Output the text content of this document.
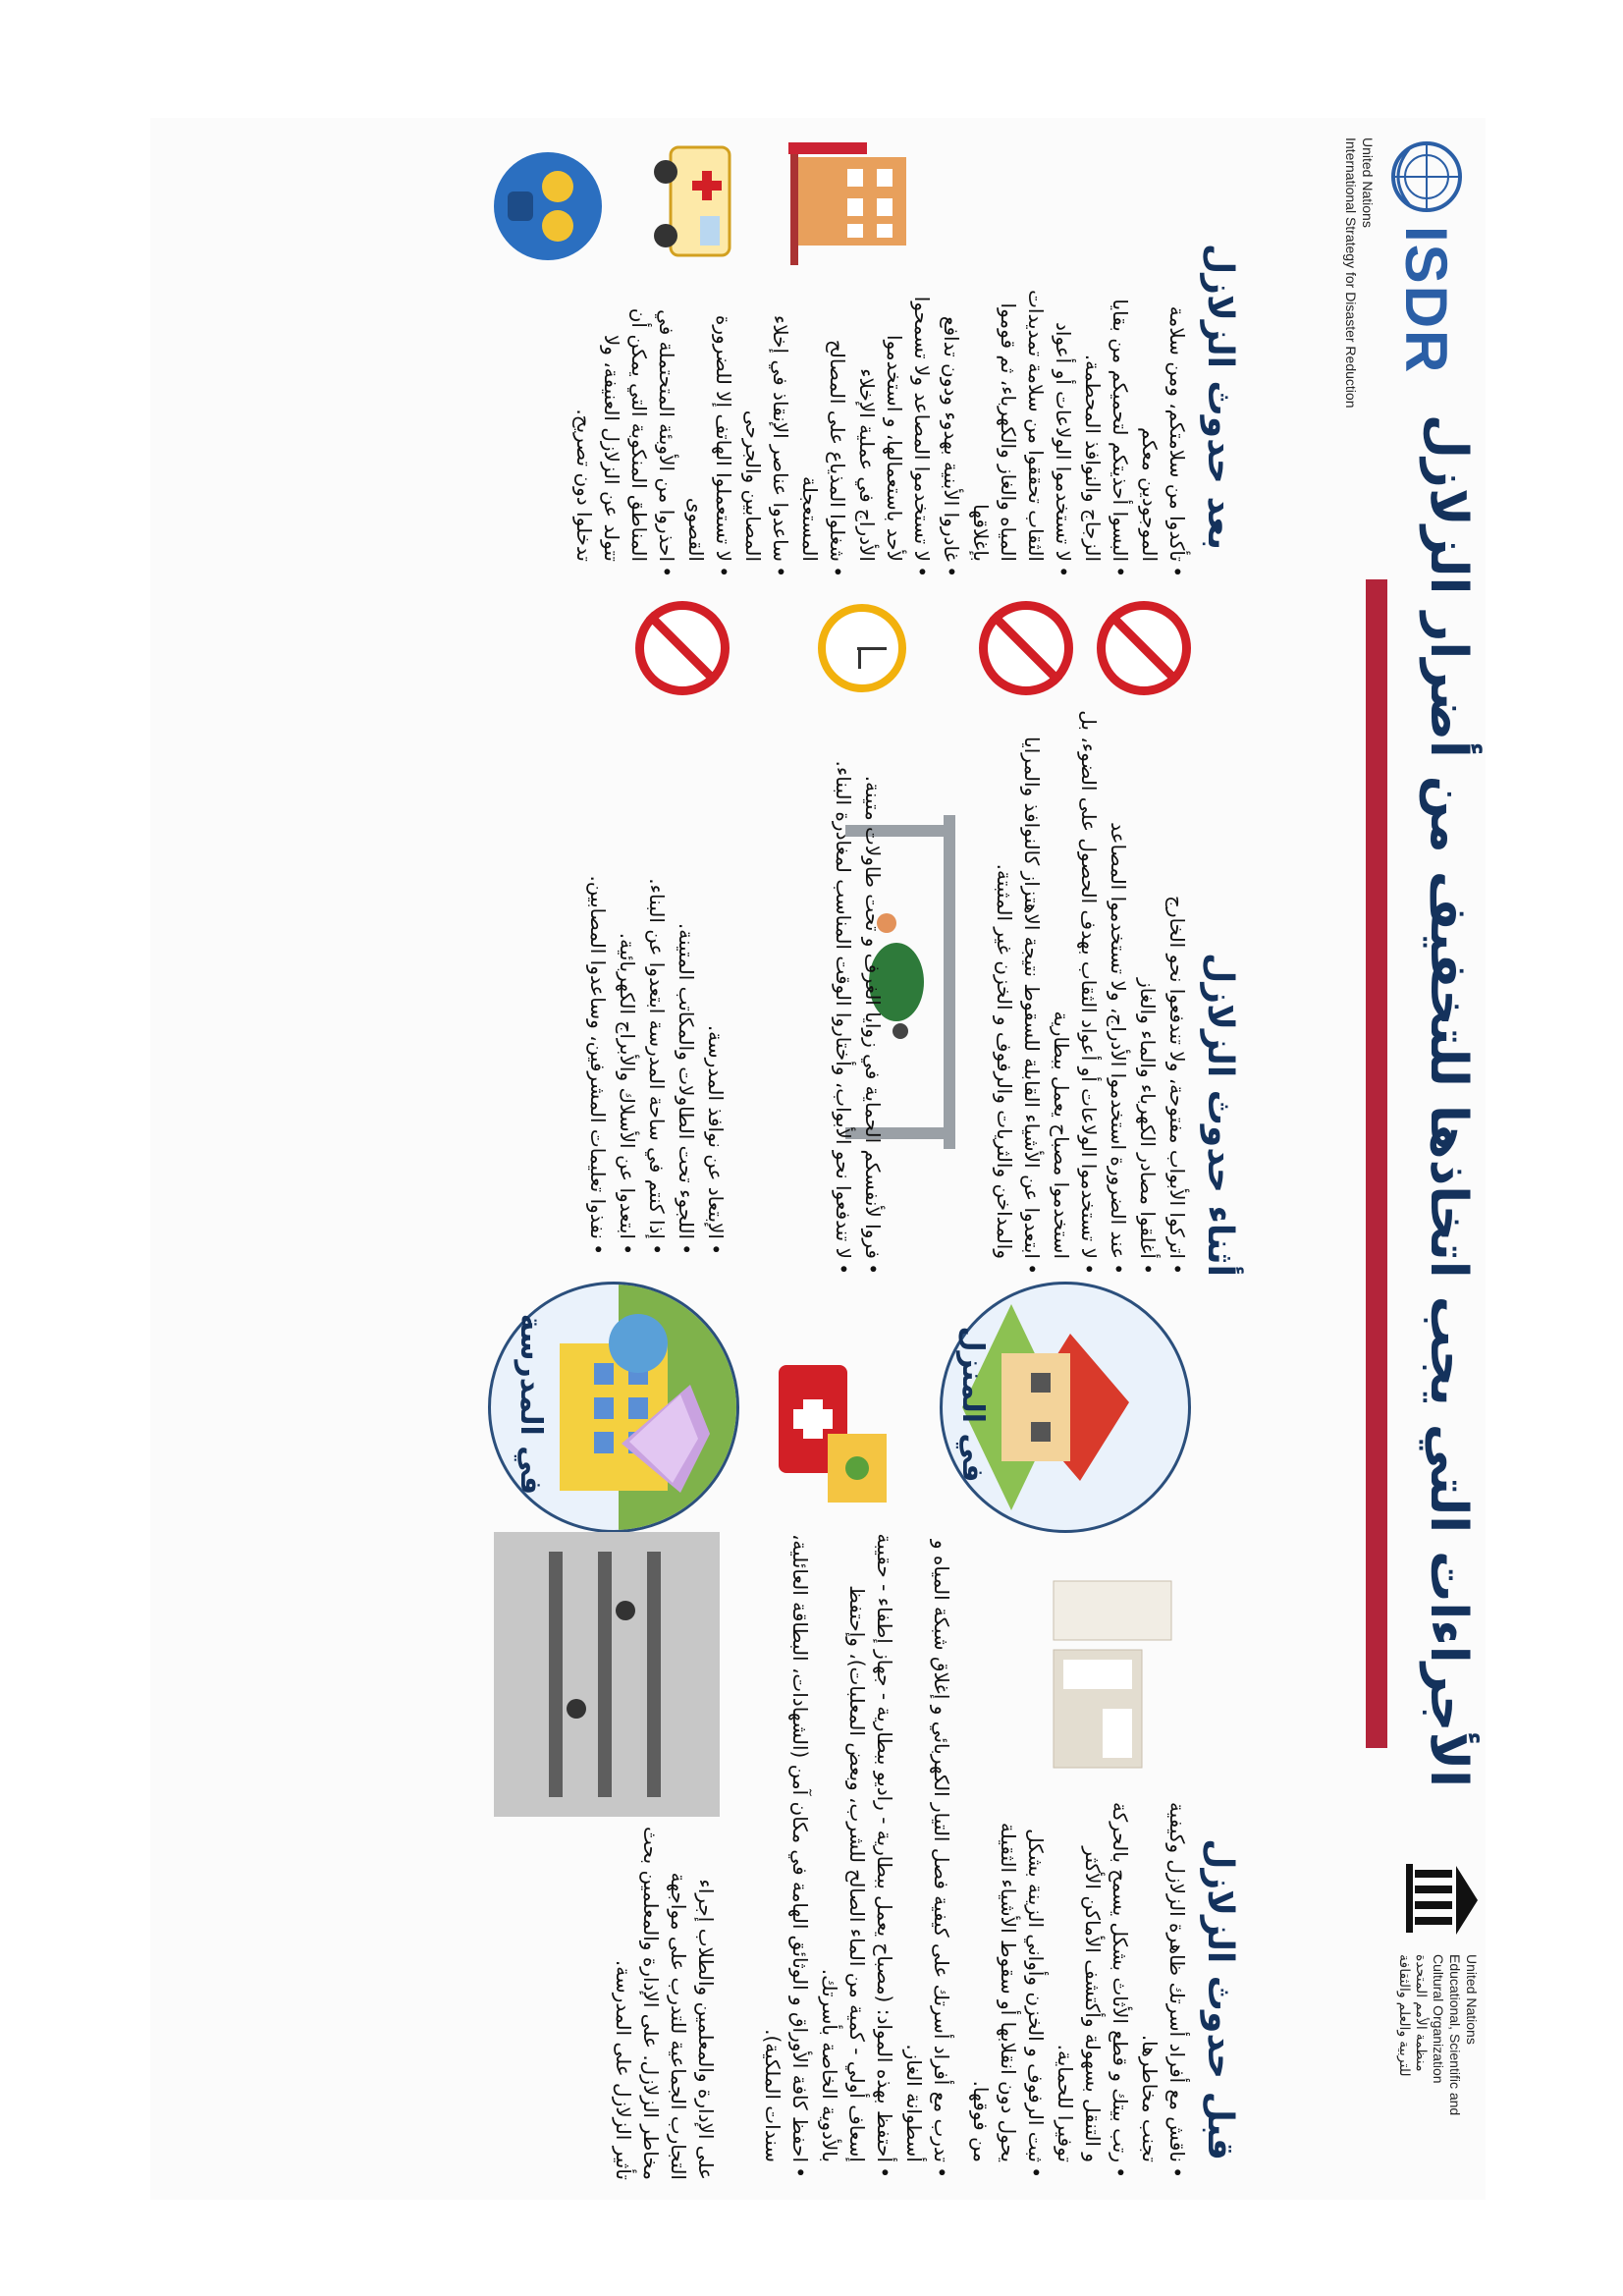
ISDR
United Nations
International Strategy for Disaster Reduction
United Nations
Educational, Scientific and
Cultural Organization
منظمة الأمم المتحدة
للتربية والعلم والثقافة
الأجراءات التي يجب اتخاذها للتخفيف من أضرار الزلازل
بعد حدوث الزلازل
• تأكدوا من سلامتكم، ومن سلامة الموجودين معكم
• البسوا أحذيتكم لتحميكم من بقايا الزجاج والنوافذ المحطمة.
• لا تستخدموا الولاعات أو أعواد الثقاب تحققوا من سلامة تمديدات المياه والغاز والكهرباء، ثم قوموا بإغلاقها
• غادروا الأبنية بهدوء ودون تدافع
• لا تستخدموا المصاعد ولا تسمحوا لأحد باستعمالها، و استخدموا الأدراج في عملية الإخلاء
• شغلوا المذياع على المصالح المستعجلة
• ساعدوا عناصر الإنقاذ في إخلاء المصابين والجرحى
• لا تستعملوا الهاتف إلا للضرورة القصوى
• احذروا من الأوبئة المتحتملة في المناطق المنكوبة التي يمكن أن تتولد عن الزلازل العنيفة، ولا تدخلوا دون تصريح.
أثناء حدوث الزلازل
• اتركوا الأبواب مفتوحة، ولا تندفعوا نحو الخارج
• أغلقوا مصادر الكهرباء والماء والغاز
• عند الضرورة استخدموا الأدراج، ولا تستخدموا المصاعد
• لا تستخدموا الولاعات أو أعواد الثقاب بهدف الحصول على الضوء، بل استخدموا مصباح يعمل ببطارية
• ابتعدوا عن الأشياء القابلة للسقوط نتيجة الاهتزاز كالنوافذ والمرايا والمداخن والثريات والرفوف و الخزن غير المثبتة.
• فروا لأنفسكم الحماية في زوايا الغرف و تحت طاولات متينة.
• لا تندفعوا نحو الأبواب، وأختاروا الوقت المناسب لمغادرة البناء.
• الإبتعاد عن نوافذ المدرسة.
• اللجوء تحت الطاولات والمكاتب المتينة.
• إذا كنتم في ساحة المدرسة ابتعدوا عن البناء.
• ابتعدوا عن الأسلاك والأبراج الكهربائية.
• نفذوا تعليمات المشرفين، وساعدوا المصابين.
في المنزل
في المدرسة
قبل حدوث الزلازل
• ناقش مع أفراد أسرتك ظاهرة الزلازل وكيفية تجنب مخاطرها.
• رتب بيتك و قطع الأثاث بشكل يسمح بالحركة و التنقل بسهولة وأكتشف الأماكن الأكثر توفيرا للحماية.
• ثبت الرفوف و الخزن وأواني الزينة بشكل يحول دون انقلابها أو سقوط الأشياء الثقيلة من فوقها.
• تدرب مع أفراد أسرتك على كيفية فصل التيار الكهربائي و إغلاق شبكة المياه و أسطوانة الغاز.
• أحتفظ بهذه المواد: (مصباح يعمل ببطارية - راديو ببطارية - جهاز إطفاء - حقيبة إسعاف أولي - كمية من الماء الصالح للشرب، وبعض المعلبات)، وإحتفظ بالأدوية الخاصة بأسرتك.
• احفظ كافة الأوراق و الوثائق الهامة في مكان آمن (الشهادات، البطاقة العائلية، سندات الملكية).

على الإدارة والمعلمين والطلاب إجراء التجارب الجماعية للتدرب على مواجهة مخاطر الزلازل. على الإدارة والمعلمين بحث تأثير الزلازل على المدرسة.
